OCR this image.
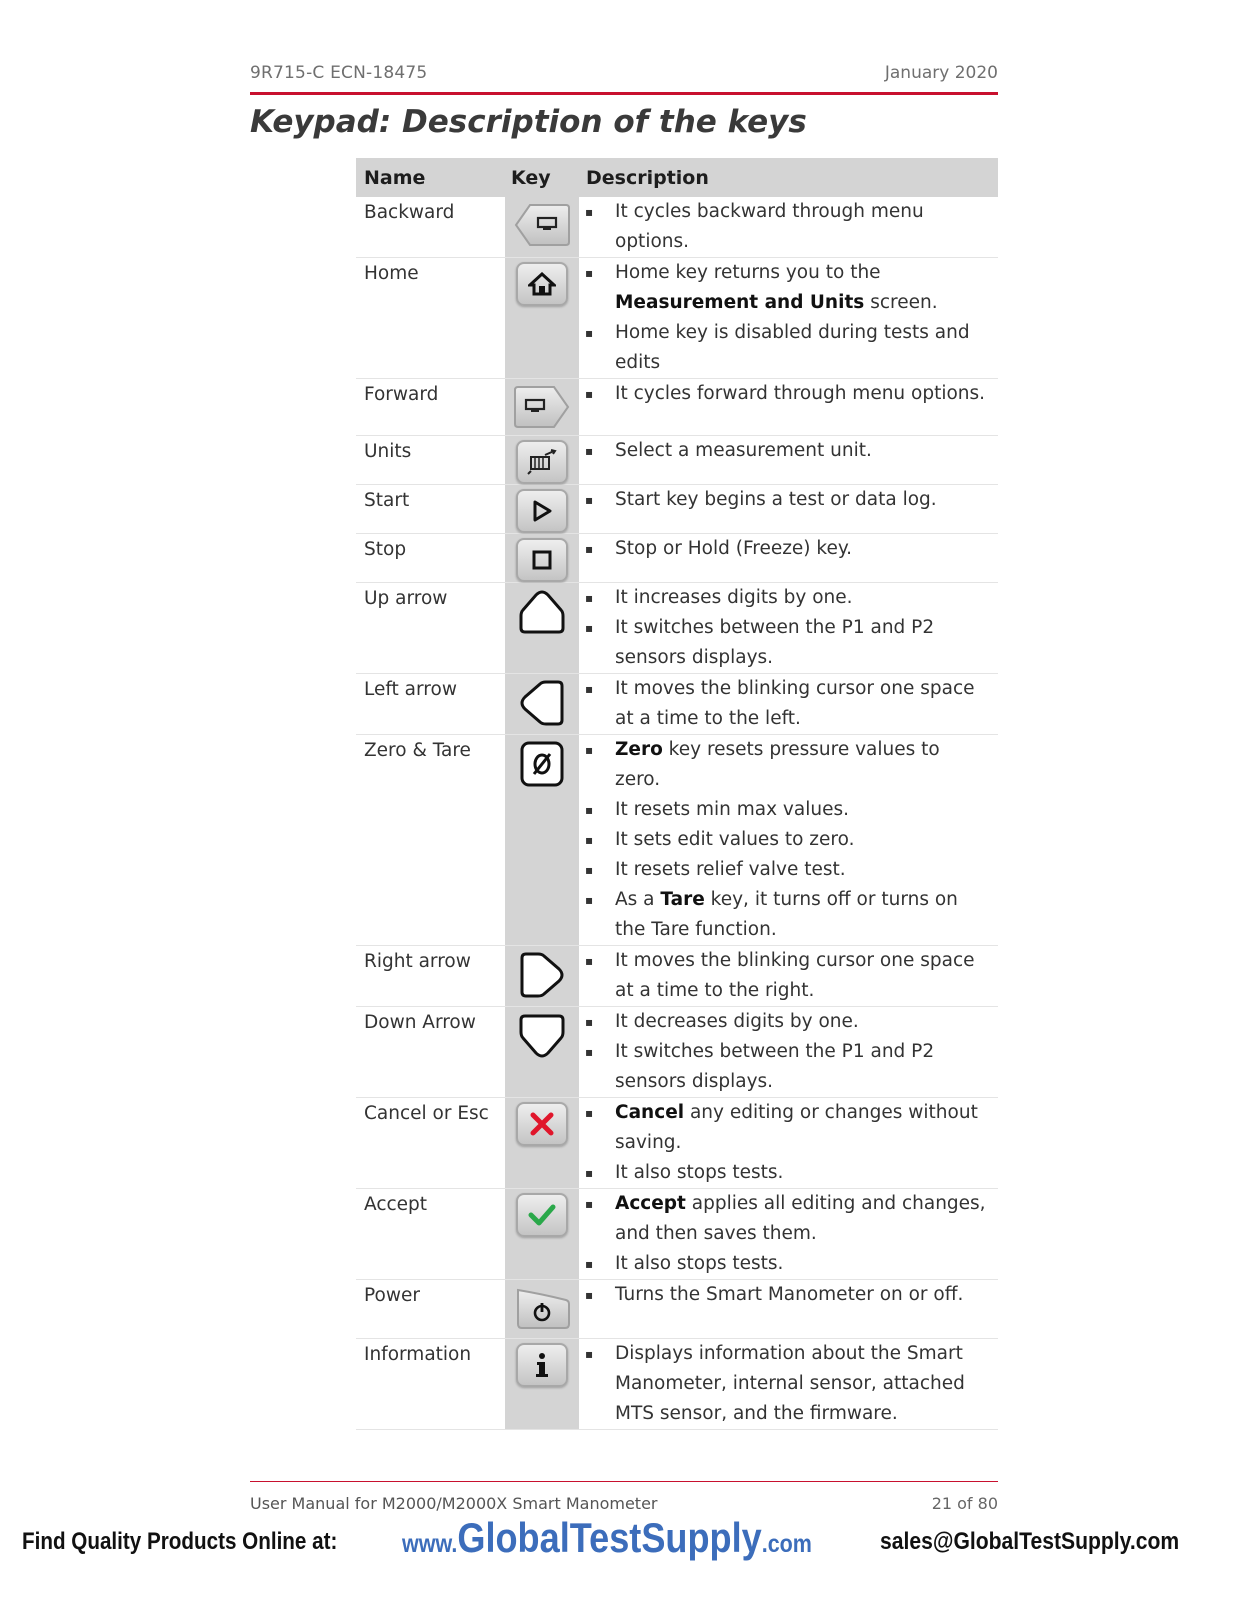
9R715-C ECN-18475	January 2020
Keypad: Description of the keys
Name	Key	Description
Backward	▪	It cycles backward through menu options.
Home	▪	Home key returns you to the Measurement and Units screen.
▪	Home key is disabled during tests and edits
Forward	▪	It cycles forward through menu options.
Units	▪	Select a measurement unit.
Start	▪	Start key begins a test or data log.
Stop	▪	Stop or Hold (Freeze) key.
Up arrow	▪	It increases digits by one.
▪	It switches between the P1 and P2 sensors displays.
Left arrow	▪	It moves the blinking cursor one space at a time to the left.
Zero & Tare	▪	Zero key resets pressure values to zero.
▪	It resets min max values.
▪	It sets edit values to zero.
▪	It resets relief valve test.
▪	As a Tare key, it turns off or turns on the Tare function.
Right arrow	▪	It moves the blinking cursor one space at a time to the right.
Down Arrow	▪	It decreases digits by one.
▪	It switches between the P1 and P2 sensors displays.
Cancel or Esc	▪	Cancel any editing or changes without saving.
▪	It also stops tests.
Accept	▪	Accept applies all editing and changes, and then saves them.
▪	It also stops tests.
Power	▪	Turns the Smart Manometer on or off.
Information	▪	Displays information about the Smart Manometer, internal sensor, attached MTS sensor, and the firmware.
User Manual for M2000/M2000X Smart Manometer	21 of 80
Find Quality Products Online at:	www.GlobalTestSupply.com	sales@GlobalTestSupply.com
